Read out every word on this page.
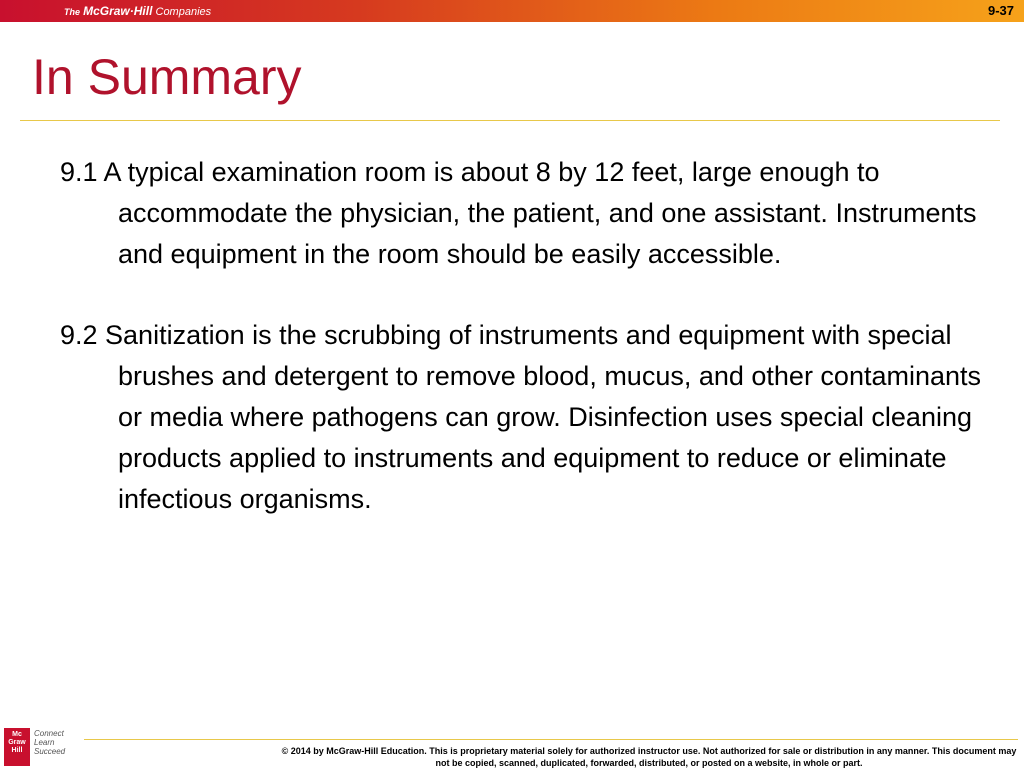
The McGraw·Hill Companies	9-37
In Summary
9.1 A typical examination room is about 8 by 12 feet, large enough to accommodate the physician, the patient, and one assistant. Instruments and equipment in the room should be easily accessible.
9.2 Sanitization is the scrubbing of instruments and equipment with special brushes and detergent to remove blood, mucus, and other contaminants or media where pathogens can grow. Disinfection uses special cleaning products applied to instruments and equipment to reduce or eliminate infectious organisms.
Mc Graw Hill
Connect Learn Succeed	© 2014 by McGraw-Hill Education. This is proprietary material solely for authorized instructor use. Not authorized for sale or distribution in any manner. This document may not be copied, scanned, duplicated, forwarded, distributed, or posted on a website, in whole or part.
